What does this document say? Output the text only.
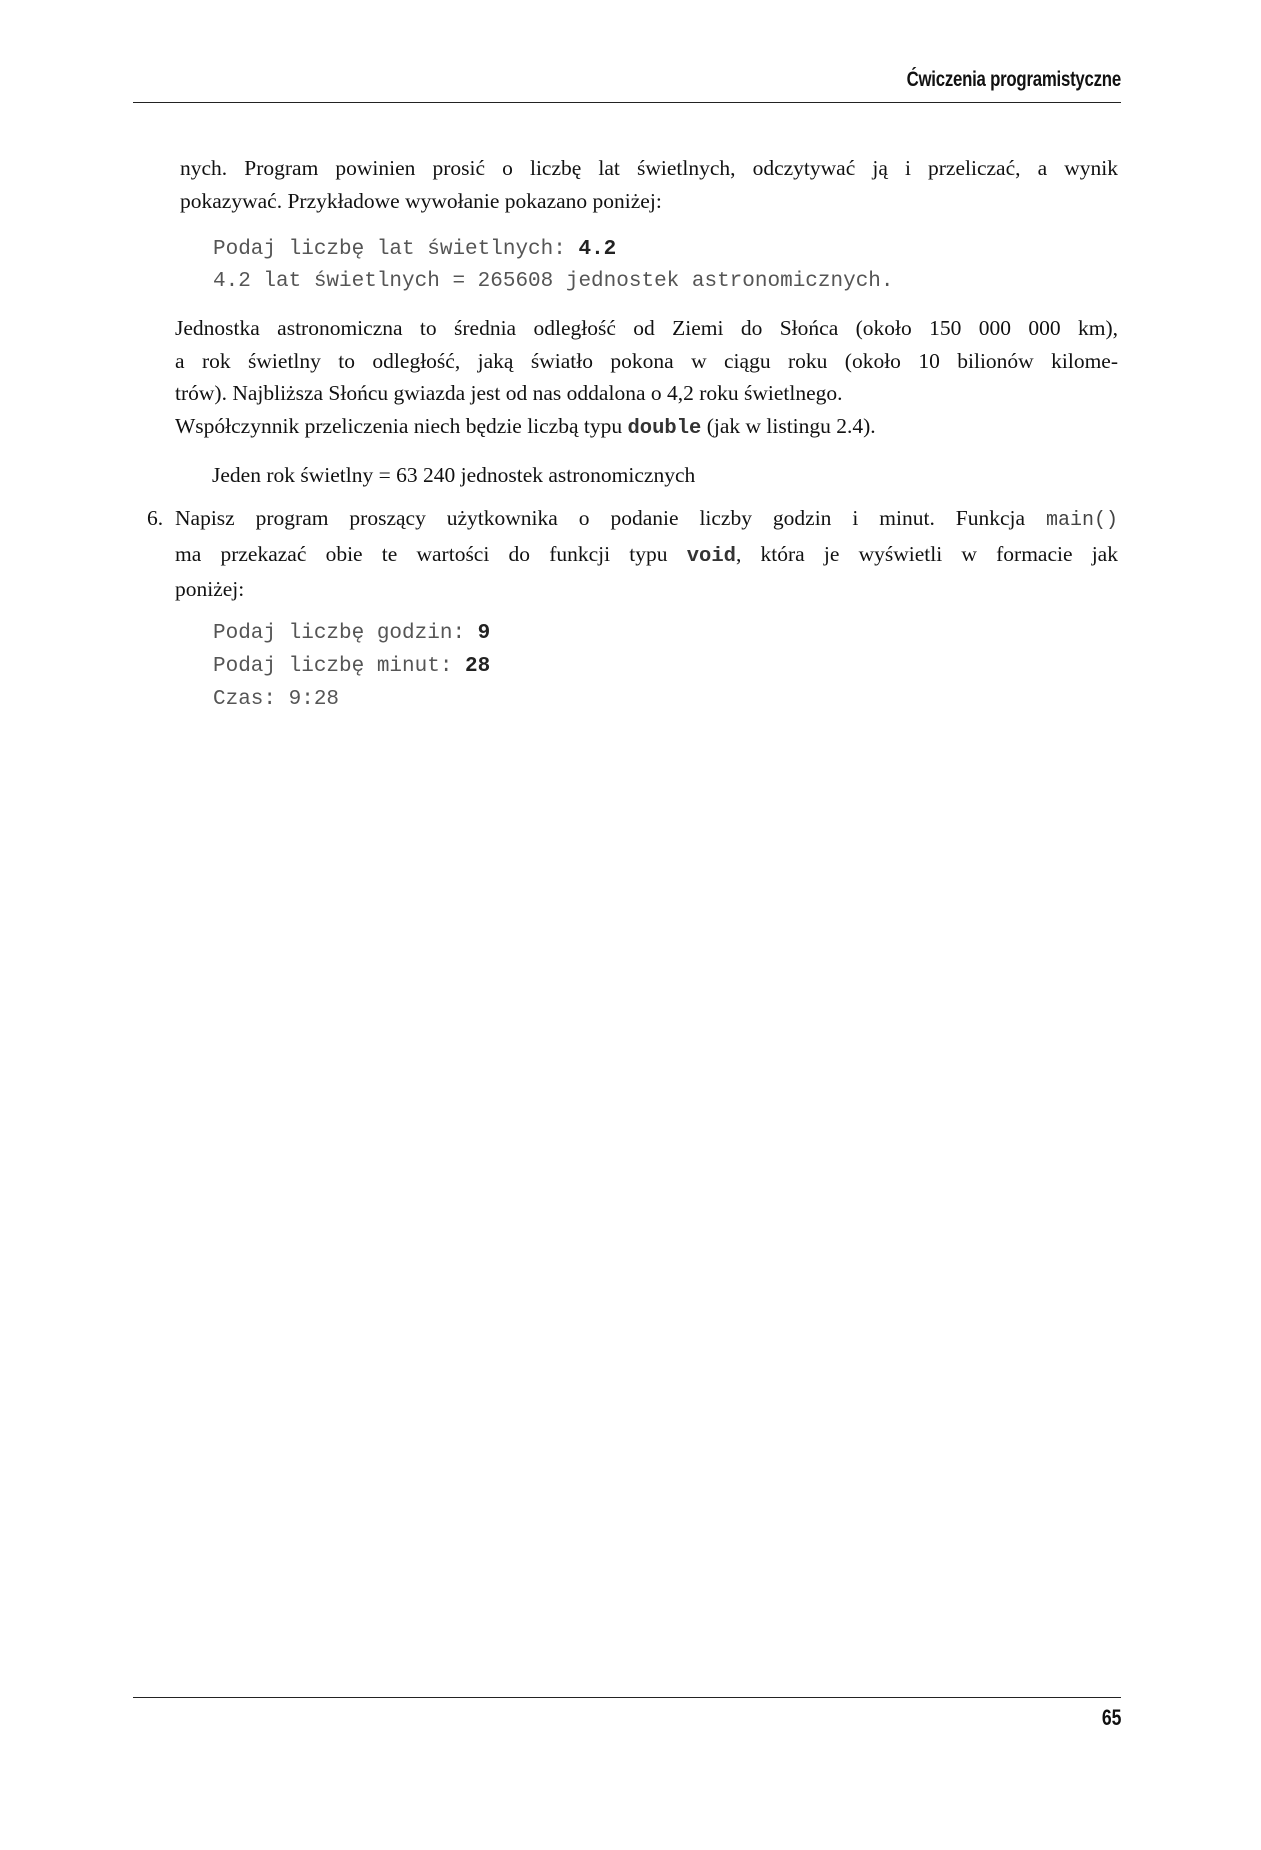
Ćwiczenia programistyczne

nych. Program powinien prosić o liczbę lat świetlnych, odczytywać ją i przeliczać, a wynik

pokazywać. Przykładowe wywołanie pokazano poniżej:

Podaj liczbę lat świetlnych: 4.2
4.2 lat świetlnych = 265608 jednostek astronomicznych.

Jednostka astronomiczna to średnia odległość od Ziemi do Słońca (około 150 000 000 km),

a rok świetlny to odległość, jaką światło pokona w ciągu roku (około 10 bilionów kilome-

trów). Najbliższa Słońcu gwiazda jest od nas oddalona o 4,2 roku świetlnego.

Współczynnik przeliczenia niech będzie liczbą typu double (jak w listingu 2.4).

Jeden rok świetlny = 63 240 jednostek astronomicznych
6. Napisz program proszący użytkownika o podanie liczby godzin i minut. Funkcja main()

ma przekazać obie te wartości do funkcji typu void, która je wyświetli w formacie jak

poniżej:

Podaj liczbę godzin: 9
Podaj liczbę minut: 28
Czas: 9:28
65
